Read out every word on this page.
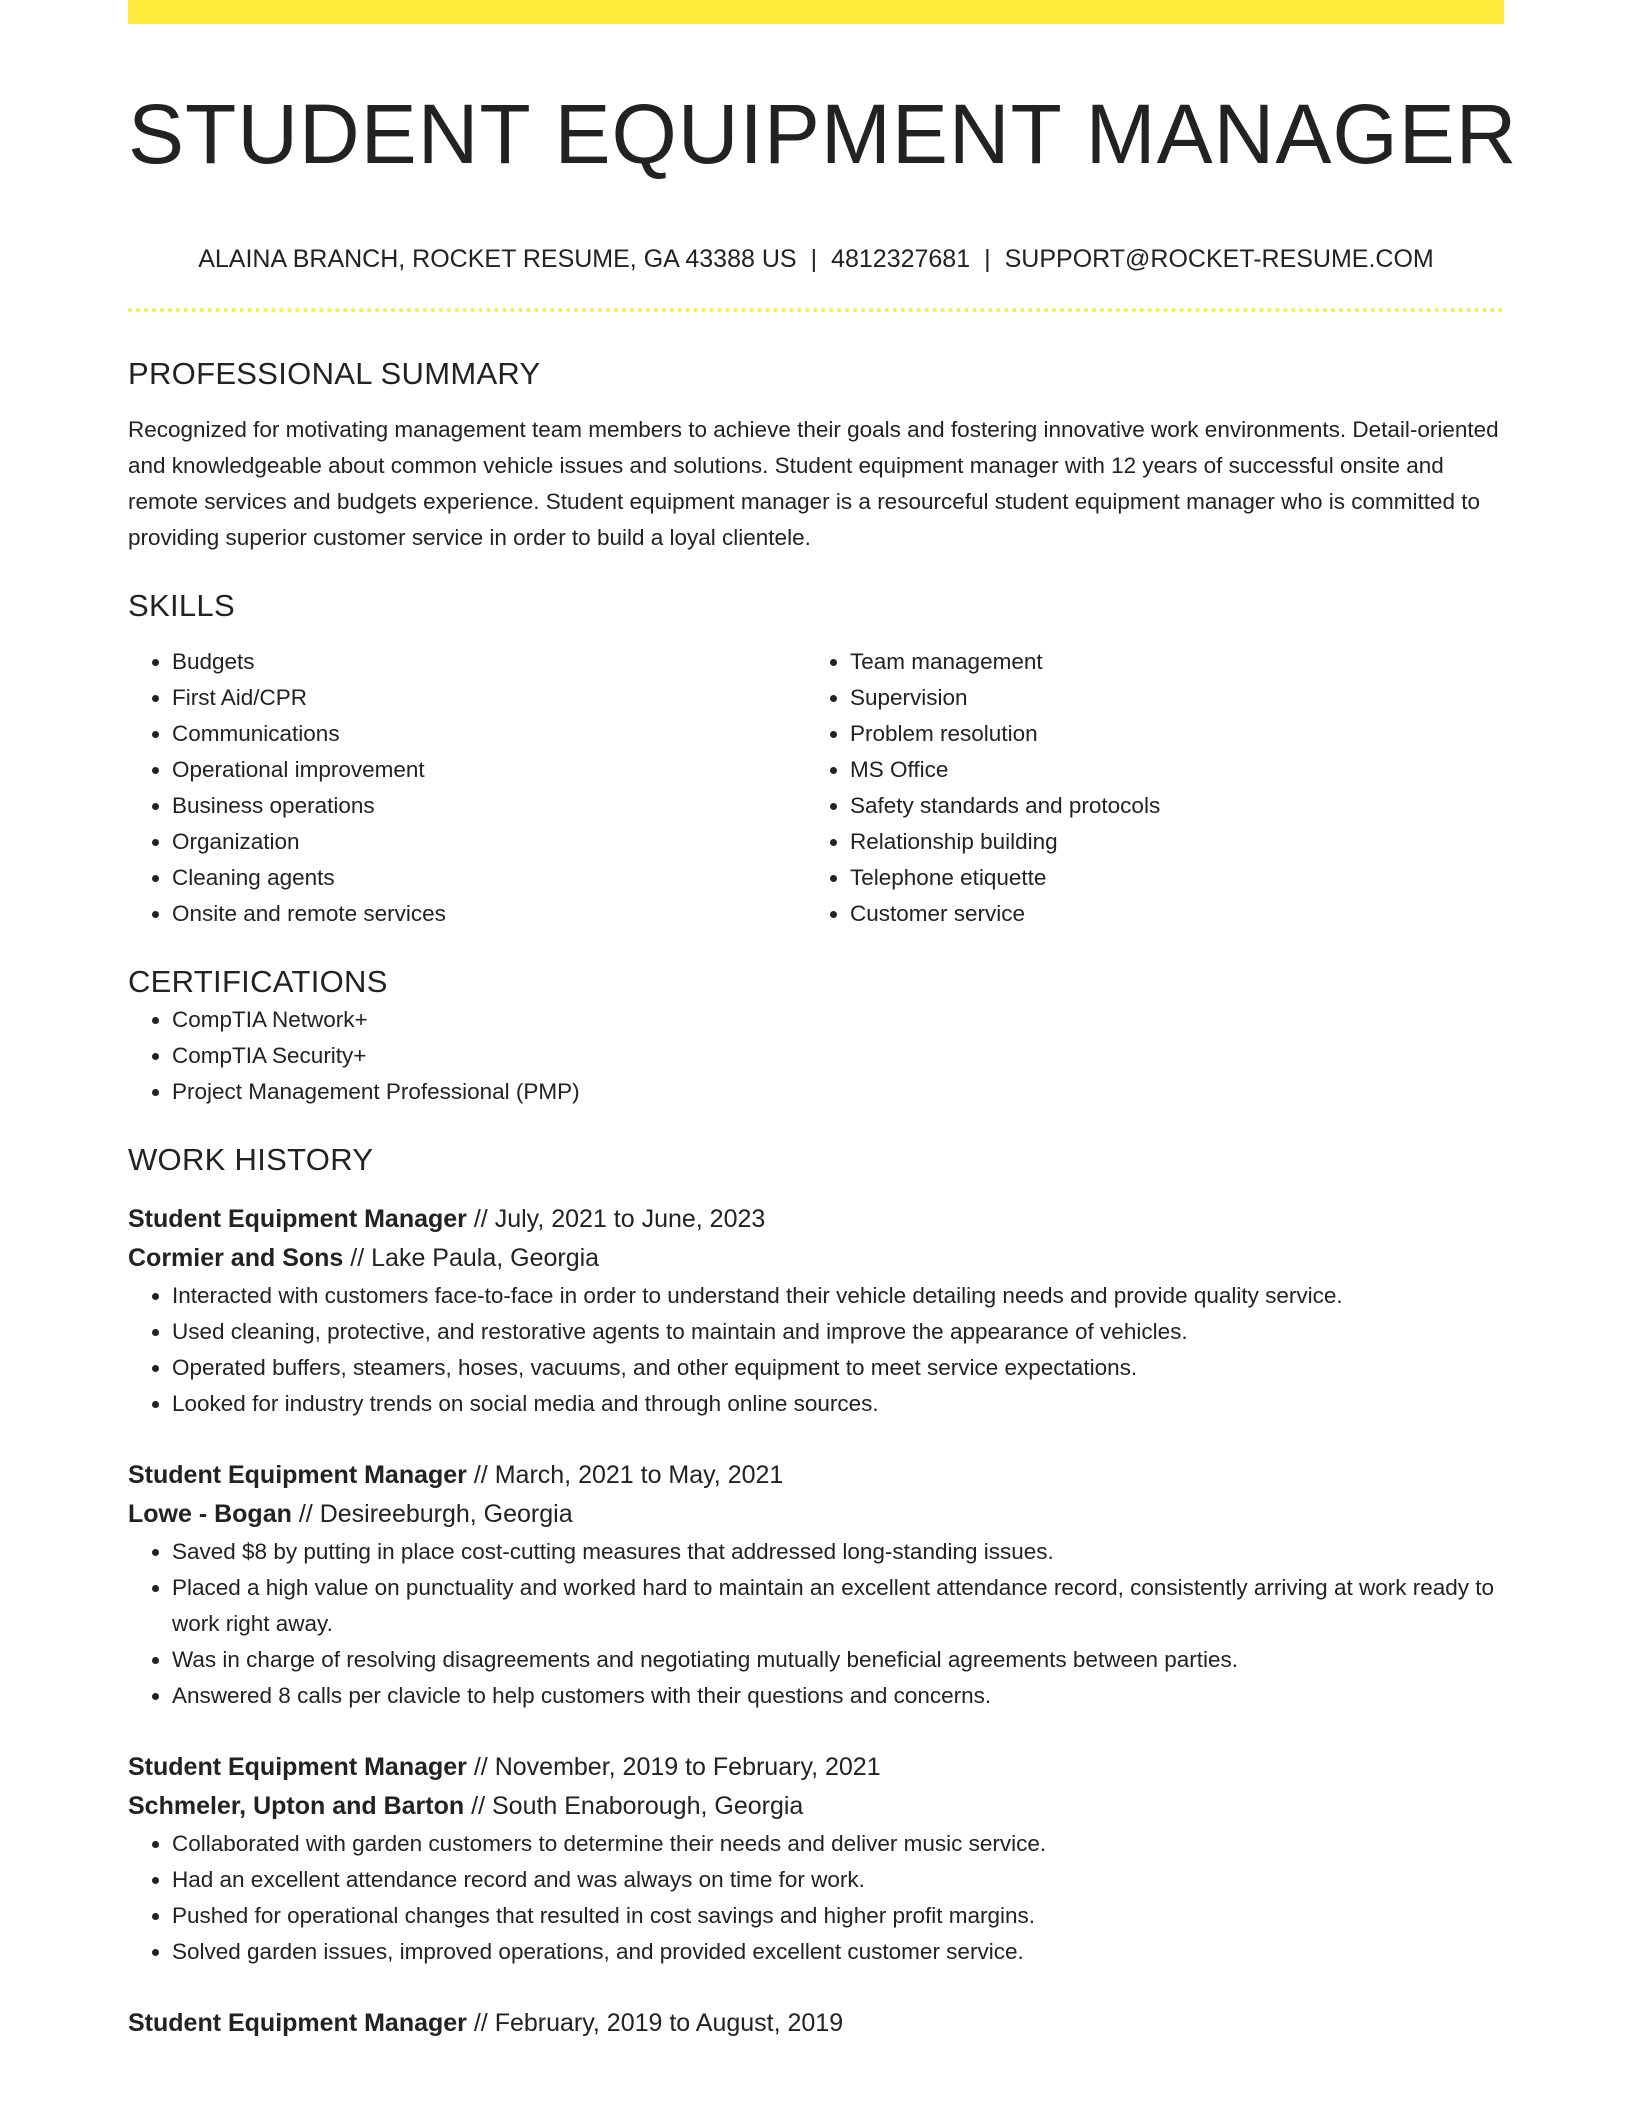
STUDENT EQUIPMENT MANAGER
ALAINA BRANCH, ROCKET RESUME, GA 43388 US | 4812327681 | SUPPORT@ROCKET-RESUME.COM
PROFESSIONAL SUMMARY
Recognized for motivating management team members to achieve their goals and fostering innovative work environments. Detail-oriented and knowledgeable about common vehicle issues and solutions. Student equipment manager with 12 years of successful onsite and remote services and budgets experience. Student equipment manager is a resourceful student equipment manager who is committed to providing superior customer service in order to build a loyal clientele.
SKILLS
• Budgets
• First Aid/CPR
• Communications
• Operational improvement
• Business operations
• Organization
• Cleaning agents
• Onsite and remote services
• Team management
• Supervision
• Problem resolution
• MS Office
• Safety standards and protocols
• Relationship building
• Telephone etiquette
• Customer service
CERTIFICATIONS
• CompTIA Network+
• CompTIA Security+
• Project Management Professional (PMP)
WORK HISTORY
Student Equipment Manager // July, 2021 to June, 2023
Cormier and Sons // Lake Paula, Georgia
• Interacted with customers face-to-face in order to understand their vehicle detailing needs and provide quality service.
• Used cleaning, protective, and restorative agents to maintain and improve the appearance of vehicles.
• Operated buffers, steamers, hoses, vacuums, and other equipment to meet service expectations.
• Looked for industry trends on social media and through online sources.
Student Equipment Manager // March, 2021 to May, 2021
Lowe - Bogan // Desireeburgh, Georgia
• Saved $8 by putting in place cost-cutting measures that addressed long-standing issues.
• Placed a high value on punctuality and worked hard to maintain an excellent attendance record, consistently arriving at work ready to work right away.
• Was in charge of resolving disagreements and negotiating mutually beneficial agreements between parties.
• Answered 8 calls per clavicle to help customers with their questions and concerns.
Student Equipment Manager // November, 2019 to February, 2021
Schmeler, Upton and Barton // South Enaborough, Georgia
• Collaborated with garden customers to determine their needs and deliver music service.
• Had an excellent attendance record and was always on time for work.
• Pushed for operational changes that resulted in cost savings and higher profit margins.
• Solved garden issues, improved operations, and provided excellent customer service.
Student Equipment Manager // February, 2019 to August, 2019
